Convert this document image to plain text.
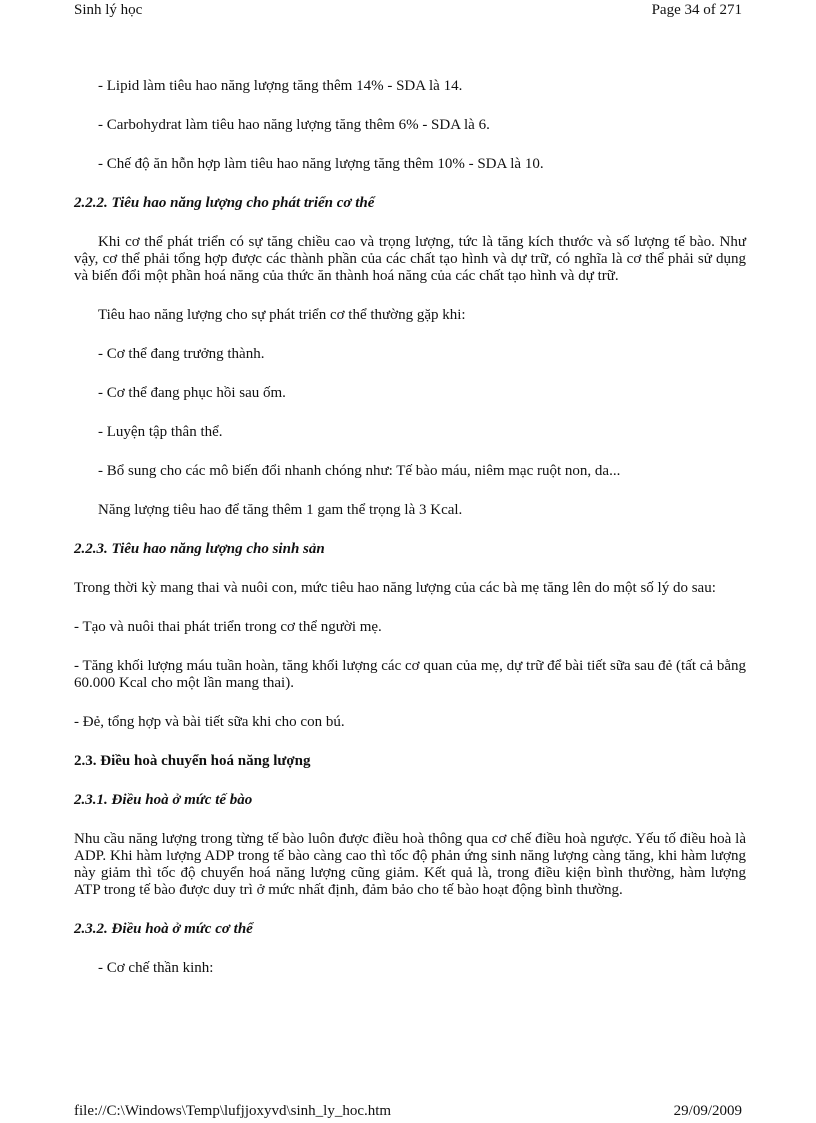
Sinh lý học	Page 34 of 271

- Lipid làm tiêu hao năng lượng tăng thêm 14% - SDA là 14.

- Carbohydrat làm tiêu hao năng lượng tăng thêm 6% - SDA là 6.

- Chế độ ăn hỗn hợp làm tiêu hao năng lượng tăng thêm 10% - SDA là 10.

2.2.2. Tiêu hao năng lượng cho phát triển cơ thể

Khi cơ thể phát triển có sự tăng chiều cao và trọng lượng, tức là tăng kích thước và số lượng tế bào. Như vậy, cơ thể phải tổng hợp được các thành phần của các chất tạo hình và dự trữ, có nghĩa là cơ thể phải sử dụng và biến đổi một phần hoá năng của thức ăn thành hoá năng của các chất tạo hình và dự trữ.

Tiêu hao năng lượng cho sự phát triển cơ thể thường gặp khi:

- Cơ thể đang trưởng thành.

- Cơ thể đang phục hồi sau ốm.

- Luyện tập thân thể.

- Bổ sung cho các mô biến đổi nhanh chóng như: Tế bào máu, niêm mạc ruột non, da...

Năng lượng tiêu hao để tăng thêm 1 gam thể trọng là 3 Kcal.

2.2.3. Tiêu hao năng lượng cho sinh sản

Trong thời kỳ mang thai và nuôi con, mức tiêu hao năng lượng của các bà mẹ tăng lên do một số lý do sau:

- Tạo và nuôi thai phát triển trong cơ thể người mẹ.

- Tăng khối lượng máu tuần hoàn, tăng khối lượng các cơ quan của mẹ, dự trữ để bài tiết sữa sau đẻ (tất cả bằng 60.000 Kcal cho một lần mang thai).

- Đẻ, tổng hợp và bài tiết sữa khi cho con bú.

2.3. Điều hoà chuyển hoá năng lượng

2.3.1. Điều hoà ở mức tế bào

Nhu cầu năng lượng trong từng tế bào luôn được điều hoà thông qua cơ chế điều hoà ngược. Yếu tố điều hoà là ADP. Khi hàm lượng ADP trong tế bào càng cao thì tốc độ phản ứng sinh năng lượng càng tăng, khi hàm lượng này giảm thì tốc độ chuyển hoá năng lượng cũng giảm. Kết quả là, trong điều kiện bình thường, hàm lượng ATP trong tế bào được duy trì ở mức nhất định, đảm bảo cho tế bào hoạt động bình thường.

2.3.2. Điều hoà ở mức cơ thể

- Cơ chế thần kinh:

file://C:\Windows\Temp\lufjjoxyvd\sinh_ly_hoc.htm	29/09/2009
